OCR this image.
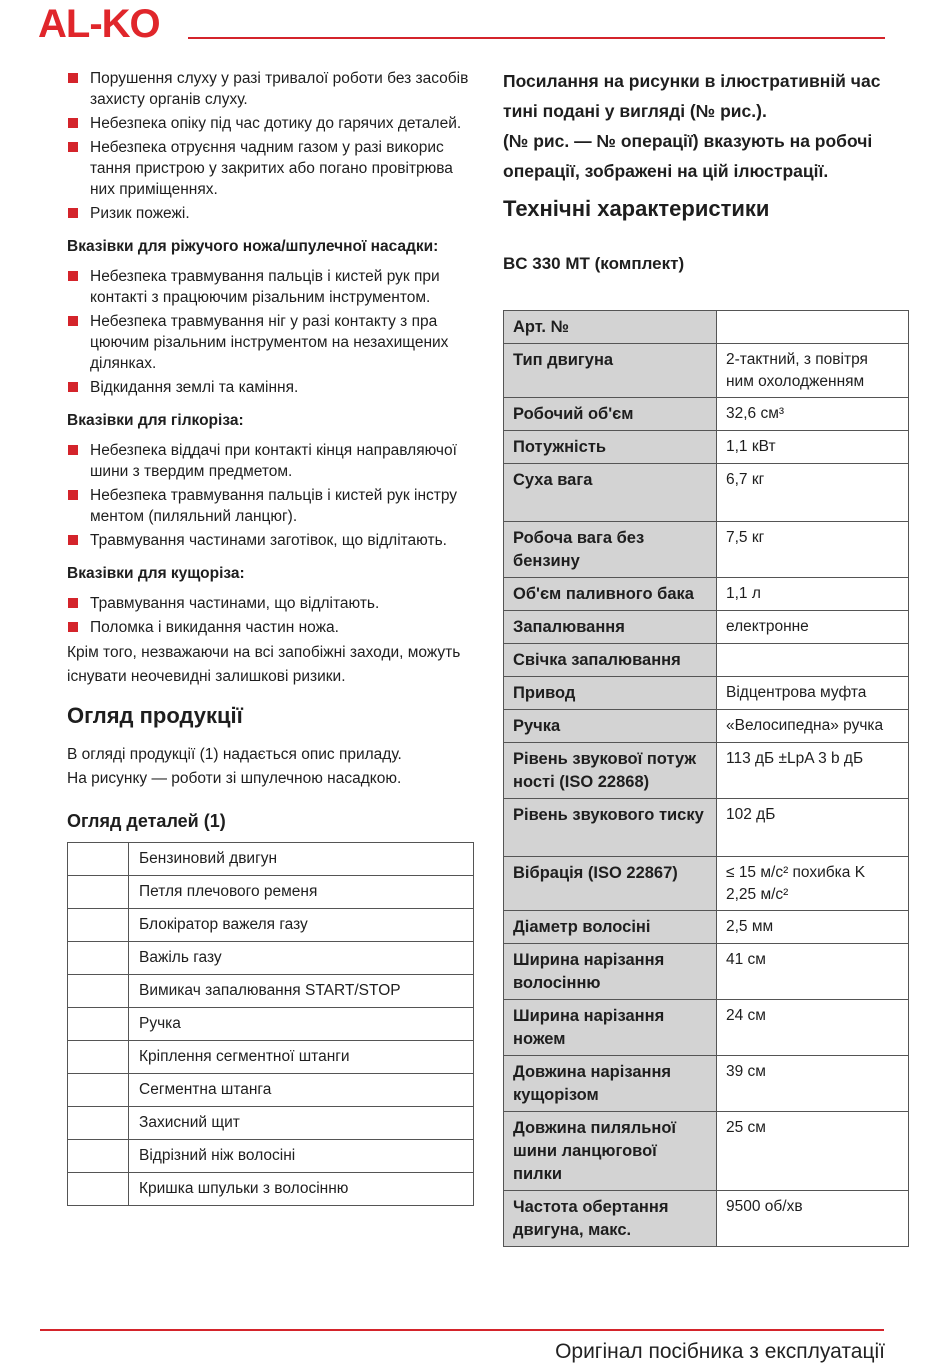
AL-KO
Порушення слуху у разі тривалої роботи без засобів захисту органів слуху.
Небезпека опіку під час дотику до гарячих деталей.
Небезпека отруєння чадним газом у разі викорис тання пристрою у закритих або погано провітрюва них приміщеннях.
Ризик пожежі.
Вказівки для ріжучого ножа/шпулечної насадки:
Небезпека травмування пальців і кистей рук при контакті з працюючим різальним інструментом.
Небезпека травмування ніг у разі контакту з пра цюючим різальним інструментом на незахищених ділянках.
Відкидання землі та каміння.
Вказівки для гілкоріза:
Небезпека віддачі при контакті кінця направляючої шини з твердим предметом.
Небезпека травмування пальців і кистей рук інстру ментом (пиляльний ланцюг).
Травмування частинами заготівок, що відлітають.
Вказівки для кущоріза:
Травмування частинами, що відлітають.
Поломка і викидання частин ножа.

Крім того, незважаючи на всі запобіжні заходи, можуть існувати неочевидні залишкові ризики.

Огляд продукції

В огляді продукції (1) надається опис приладу.

На рисунку — роботи зі шпулечною насадкою.

Огляд деталей (1)
	Бензиновий двигун
	Петля плечового ременя
	Блокіратор важеля газу
	Важіль газу
	Вимикач запалювання START/STOP
	Ручка
	Кріплення сегментної штанги
	Сегментна штанга
	Захисний щит
	Відрізний ніж волосіні
	Кришка шпульки з волосінню
Посилання на рисунки в ілюстративній час тині подані у вигляді (№ рис.).
(№ рис. — № операції) вказують на робочі операції, зображені на цій ілюстрації.
Технічні характеристики
BC 330 MT (комплект)
Арт. №	
Тип двигуна	2-тактний, з повітря ним охолодженням
Робочий об'єм	32,6 см³
Потужність	1,1 кВт
Суха вага	6,7 кг
Робоча вага без бензину	7,5 кг
Об'єм паливного бака	1,1 л
Запалювання	електронне
Свічка запалювання	
Привод	Відцентрова муфта
Ручка	«Велосипедна» ручка
Рівень звукової потуж ності (ISO 22868)	113 дБ ±LpA 3 b дБ
Рівень звукового тиску	102 дБ
Вібрація (ISO 22867)	≤ 15 м/с² похибка K 2,25 м/с²
Діаметр волосіні	2,5 мм
Ширина нарізання волосінню	41 см
Ширина нарізання ножем	24 см
Довжина нарізання кущорізом	39 см
Довжина пиляльної шини ланцюгової пилки	25 см
Частота обертання двигуна, макс.	9500 об/хв
Оригінал посібника з експлуатації
